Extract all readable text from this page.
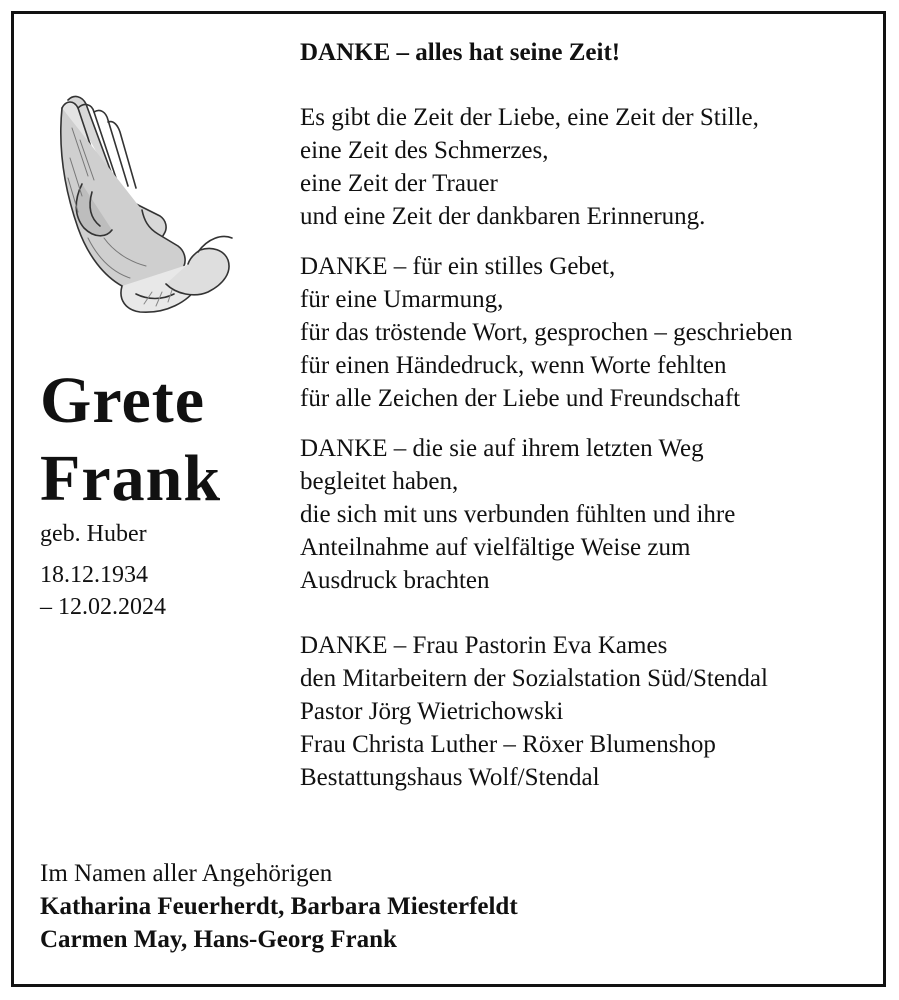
Grete
Frank

geb. Huber

18.12.1934

– 12.02.2024

DANKE – alles hat seine Zeit!

Es gibt die Zeit der Liebe, eine Zeit der Stille,
eine Zeit des Schmerzes,
eine Zeit der Trauer
und eine Zeit der dankbaren Erinnerung.

DANKE – für ein stilles Gebet,
für eine Umarmung,
für das tröstende Wort, gesprochen – geschrieben
für einen Händedruck, wenn Worte fehlten
für alle Zeichen der Liebe und Freundschaft

DANKE – die sie auf ihrem letzten Weg
begleitet haben,
die sich mit uns verbunden fühlten und ihre
Anteilnahme auf vielfältige Weise zum
Ausdruck brachten

DANKE – Frau Pastorin Eva Kames
den Mitarbeitern der Sozialstation Süd/Stendal
Pastor Jörg Wietrichowski
Frau Christa Luther – Röxer Blumenshop
Bestattungshaus Wolf/Stendal

Im Namen aller Angehörigen
Katharina Feuerherdt, Barbara Miesterfeldt
Carmen May, Hans-Georg Frank
